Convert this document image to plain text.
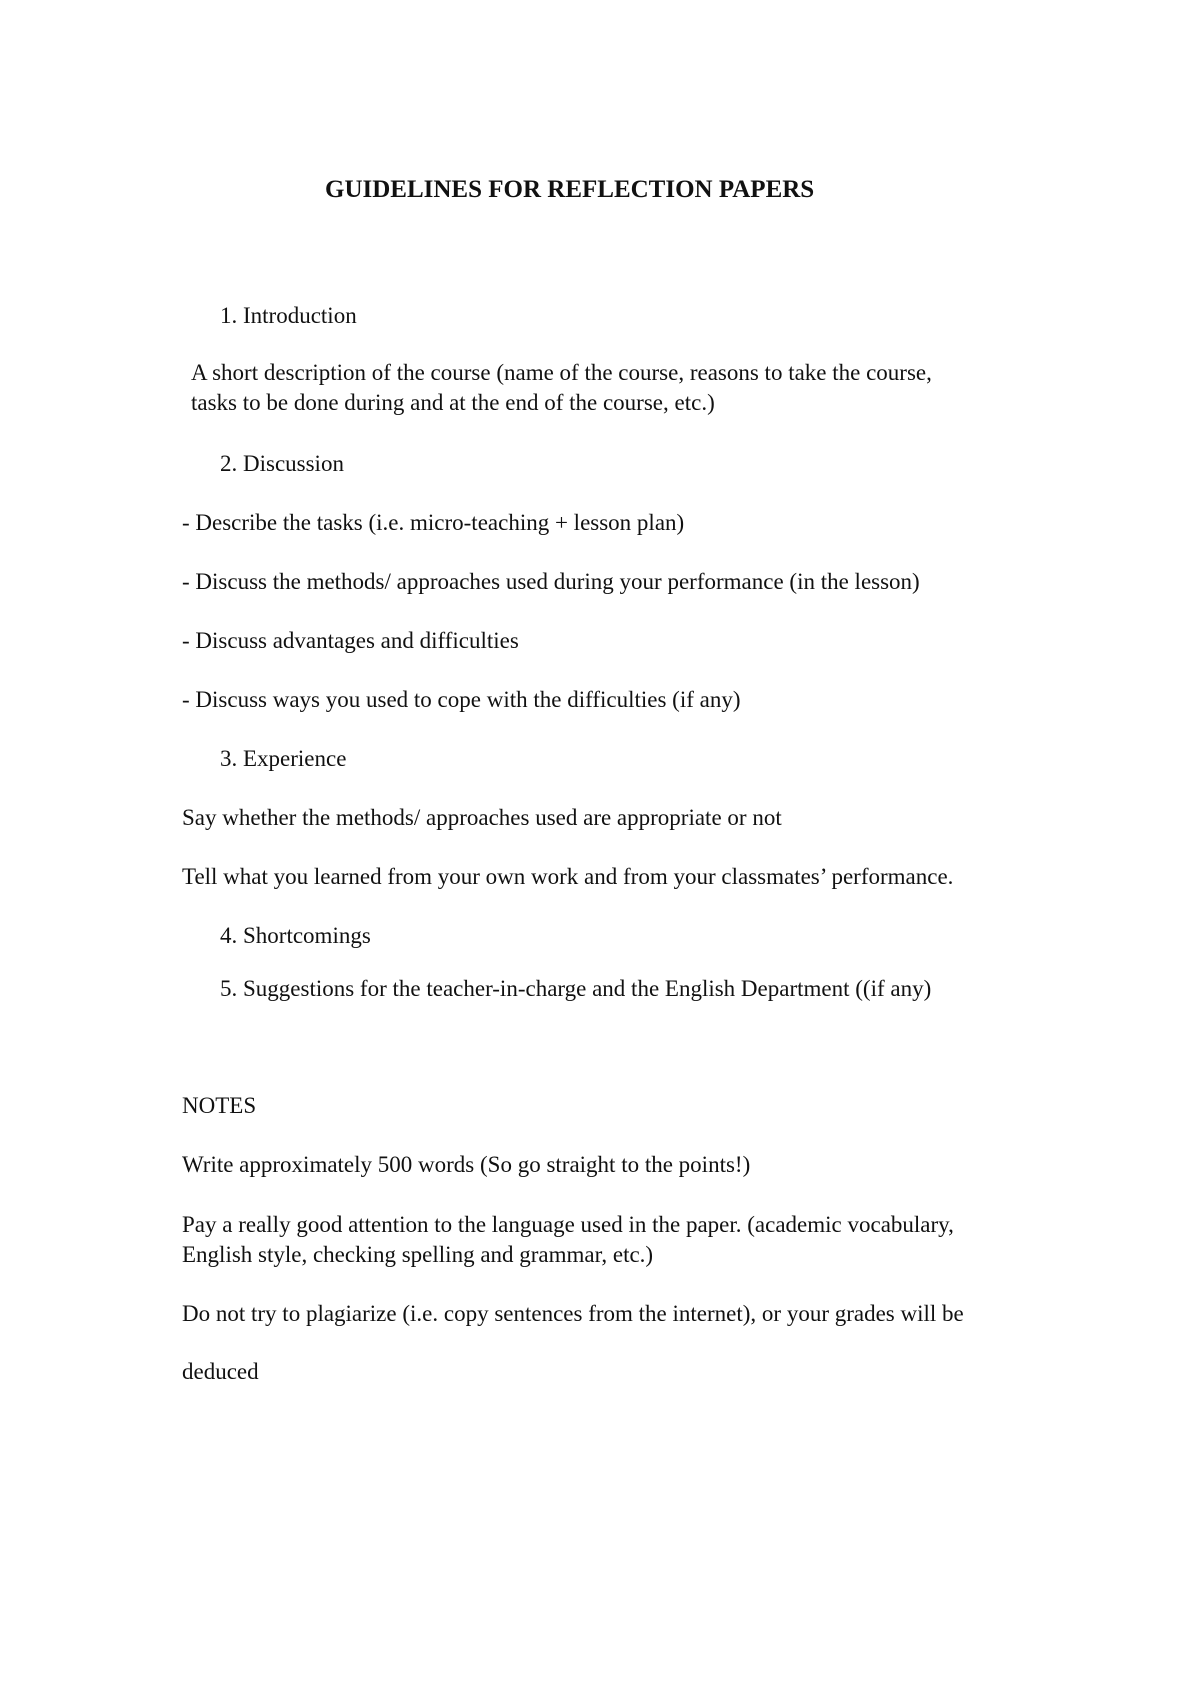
GUIDELINES FOR REFLECTION PAPERS
1. Introduction
A short description of the course (name of the course, reasons to take the course,
tasks to be done during and at the end of the course, etc.)
2. Discussion
- Describe the tasks (i.e. micro-teaching + lesson plan)
- Discuss the methods/ approaches used during your performance (in the lesson)
- Discuss advantages and difficulties
- Discuss ways you used to cope with the difficulties (if any)
3. Experience
Say whether the methods/ approaches used are appropriate or not
Tell what you learned from your own work and from your classmates’ performance.
4. Shortcomings
5. Suggestions for the teacher-in-charge and the English Department ((if any)
NOTES
Write approximately 500 words (So go straight to the points!)
Pay a really good attention to the language used in the paper. (academic vocabulary,
English style, checking spelling and grammar, etc.)
Do not try to plagiarize (i.e. copy sentences from the internet), or your grades will be
deduced
